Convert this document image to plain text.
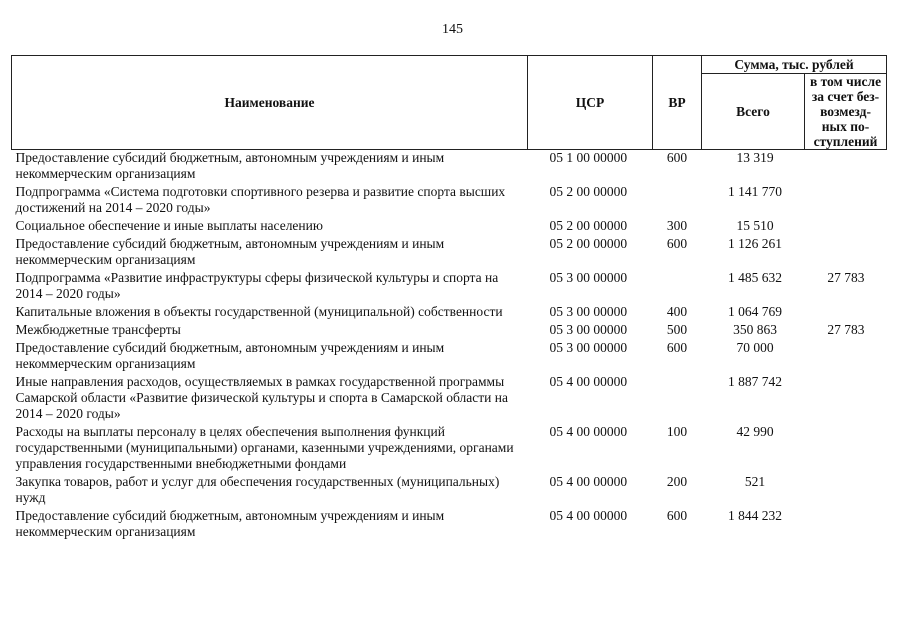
145
Наименование	ЦСР	ВР	Сумма, тыс. рублей	
			Всего	в том числе
за счет без-
возмезд-
ных по-
ступлений
Предоставление субсидий бюджетным, автономным учреждениям и иным некоммерческим организациям	05 1 00 00000	600	13 319	
Подпрограмма «Система подготовки спортивного резерва и развитие спорта высших достижений на 2014 – 2020 годы»	05 2 00 00000		1 141 770	
Социальное обеспечение и иные выплаты населению	05 2 00 00000	300	15 510	
Предоставление субсидий бюджетным, автономным учреждениям и иным некоммерческим организациям	05 2 00 00000	600	1 126 261	
Подпрограмма «Развитие инфраструктуры сферы физической культуры и спорта на 2014 – 2020 годы»	05 3 00 00000		1 485 632	27 783
Капитальные вложения в объекты государственной (муниципальной) собственности	05 3 00 00000	400	1 064 769	
Межбюджетные трансферты	05 3 00 00000	500	350 863	27 783
Предоставление субсидий бюджетным, автономным учреждениям и иным некоммерческим организациям	05 3 00 00000	600	70 000	
Иные направления расходов, осуществляемых в рамках государственной программы Самарской области «Развитие физической культуры и спорта в Самарской области на 2014 – 2020 годы»	05 4 00 00000		1 887 742	
Расходы на выплаты персоналу в целях обеспечения выполнения функций государственными (муниципальными) органами, казенными учреждениями, органами управления государственными внебюджетными фондами	05 4 00 00000	100	42 990	
Закупка товаров, работ и услуг для обеспечения государственных (муниципальных) нужд	05 4 00 00000	200	521	
Предоставление субсидий бюджетным, автономным учреждениям и иным некоммерческим организациям	05 4 00 00000	600	1 844 232	
